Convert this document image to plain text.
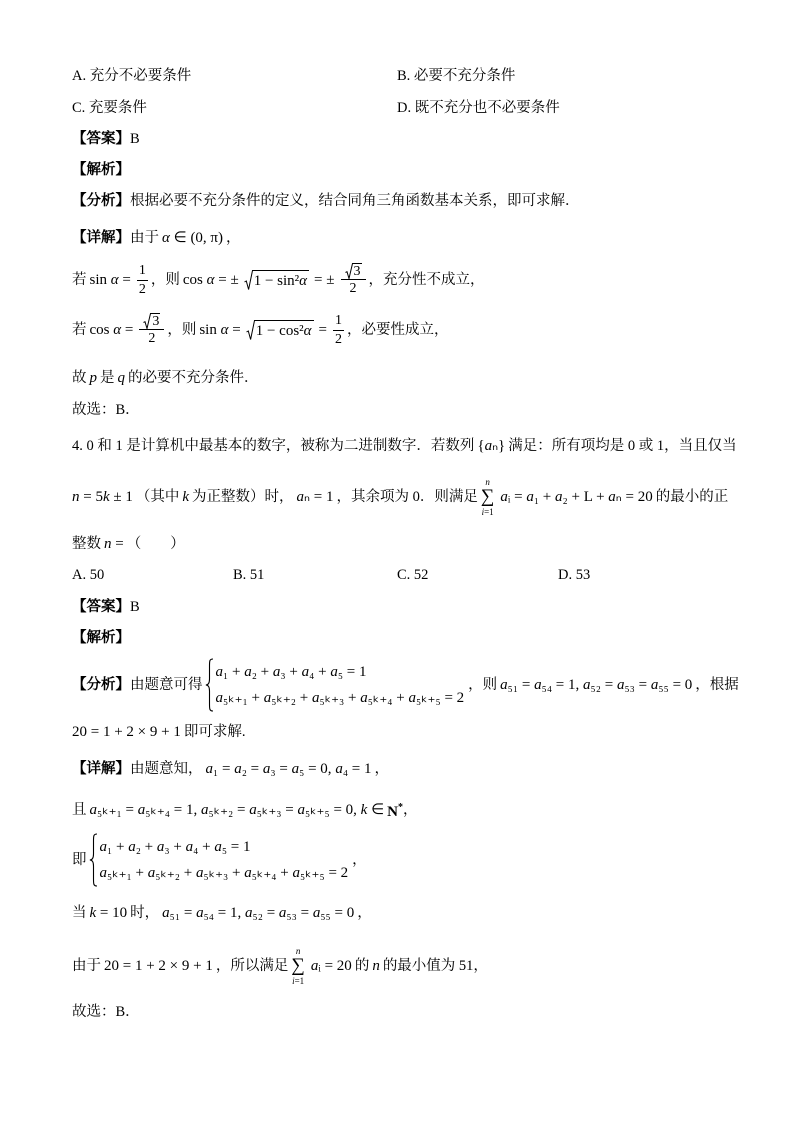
A. 充分不必要条件	B. 必要不充分条件
C. 充要条件	D. 既不充分也不必要条件
【答案】 B
【解析】
【分析】 根据必要不充分条件的定义，结合同角三角函数基本关系，即可求解．
【详解】 由于 α ∈ (0, π) ，
若 $\sin \alpha = \frac{1}{2}$ ，则 cos α = ± 1 − sin²α = ± $\frac{3}{2}$ ，充分性不成立，
若 $\cos \alpha = \frac{3}{2}$ ，则 $\sin \alpha = 1 - \cos^2\alpha = \frac{1}{2}$ ，必要性成立，
故 p 是 q 的必要不充分条件．
故选：B．
4. 0 和 1 是计算机中最基本的数字，被称为二进制数字．若数列 {aₙ} 满足：所有项均是 0 或 1，当且仅当
n = 5k ± 1 （其中 k 为正整数）时， aₙ = 1 ，其余项为 0．则满足
n
∑
i=1
aᵢ = a₁ + a₂ + L + aₙ = 20 的最小的正
整数 n = （　　）
A. 50	B. 51	C. 52	D. 53
【答案】 B
【解析】
【分析】 由题意可得
a₁ + a₂ + a₃ + a₄ + a₅ = 1
a₅ₖ₊₁ + a₅ₖ₊₂ + a₅ₖ₊₃ + a₅ₖ₊₄ + a₅ₖ₊₅ = 2
，则 a₅₁ = a₅₄ = 1, a₅₂ = a₅₃ = a₅₅ = 0 ，根据
20 = 1 + 2 × 9 + 1 即可求解.
【详解】 由题意知， a₁ = a₂ = a₃ = a₅ = 0, a₄ = 1 ，
且 a₅ₖ₊₁ = a₅ₖ₊₄ = 1, a₅ₖ₊₂ = a₅ₖ₊₃ = a₅ₖ₊₅ = 0, k ∈ N* ，
即
a₁ + a₂ + a₃ + a₄ + a₅ = 1
a₅ₖ₊₁ + a₅ₖ₊₂ + a₅ₖ₊₃ + a₅ₖ₊₄ + a₅ₖ₊₅ = 2
，
当 k = 10 时， a₅₁ = a₅₄ = 1, a₅₂ = a₅₃ = a₅₅ = 0 ，
由于 20 = 1 + 2 × 9 + 1 ，所以满足
n
∑
i=1
aᵢ = 20 的 n 的最小值为 51，
故选：B．
